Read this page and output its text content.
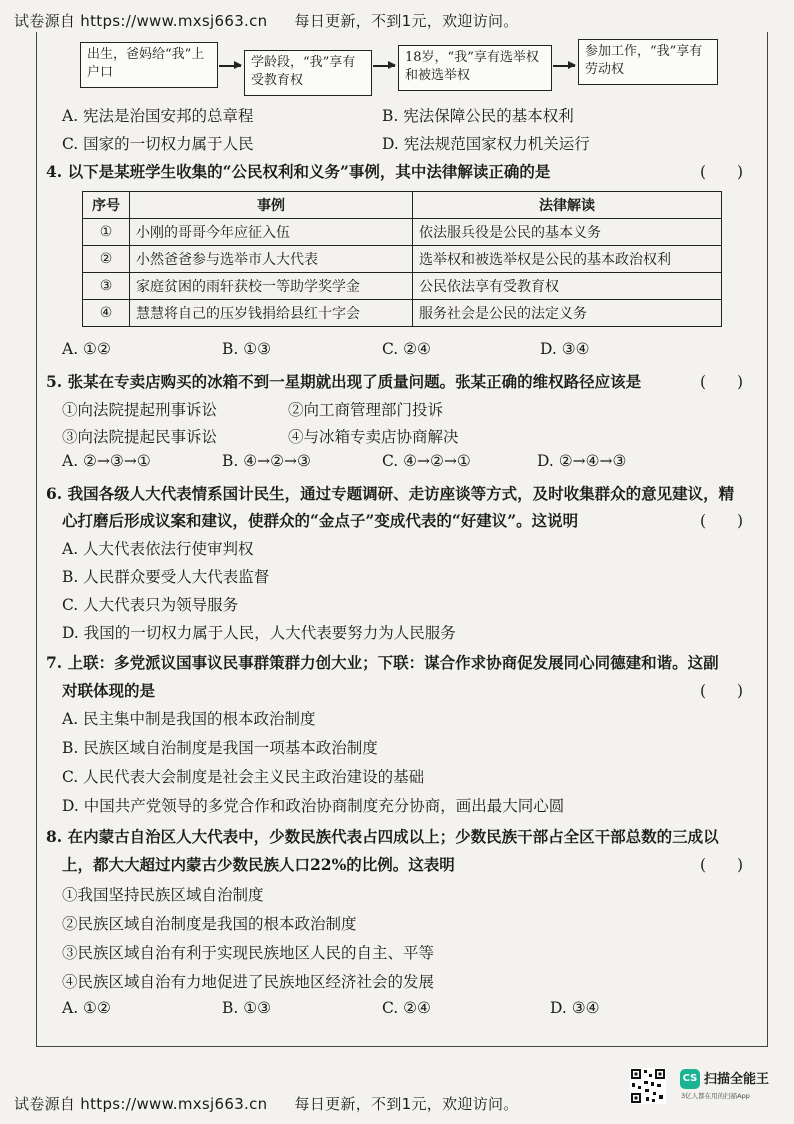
试卷源自 https://www.mxsj663.cn 每日更新，不到1元，欢迎访问。
出生，爸妈给“我”上户口
学龄段，“我”享有受教育权
18岁，“我”享有选举权和被选举权
参加工作，“我”享有劳动权
A. 宪法是治国安邦的总章程	B. 宪法保障公民的基本权利
C. 国家的一切权力属于人民	D. 宪法规范国家权力机关运行
4. 以下是某班学生收集的“公民权利和义务”事例，其中法律解读正确的是	(　　)
序号	事例	法律解读
①	小刚的哥哥今年应征入伍	依法服兵役是公民的基本义务
②	小然爸爸参与选举市人大代表	选举权和被选举权是公民的基本政治权利
③	家庭贫困的雨轩获校一等助学奖学金	公民依法享有受教育权
④	慧慧将自己的压岁钱捐给县红十字会	服务社会是公民的法定义务
A. ①②	B. ①③	C. ②④	D. ③④
5. 张某在专卖店购买的冰箱不到一星期就出现了质量问题。张某正确的维权路径应该是	(　　)
①向法院提起刑事诉讼	②向工商管理部门投诉
③向法院提起民事诉讼	④与冰箱专卖店协商解决
A. ②→③→①	B. ④→②→③	C. ④→②→①	D. ②→④→③
6. 我国各级人大代表情系国计民生，通过专题调研、走访座谈等方式，及时收集群众的意见建议，精
心打磨后形成议案和建议，使群众的“金点子”变成代表的“好建议”。这说明	(　　)
A. 人大代表依法行使审判权
B. 人民群众要受人大代表监督
C. 人大代表只为领导服务
D. 我国的一切权力属于人民，人大代表要努力为人民服务
7. 上联：多党派议国事议民事群策群力创大业；下联：谋合作求协商促发展同心同德建和谐。这副
对联体现的是	(　　)
A. 民主集中制是我国的根本政治制度
B. 民族区域自治制度是我国一项基本政治制度
C. 人民代表大会制度是社会主义民主政治建设的基础
D. 中国共产党领导的多党合作和政治协商制度充分协商，画出最大同心圆
8. 在内蒙古自治区人大代表中，少数民族代表占四成以上；少数民族干部占全区干部总数的三成以
上，都大大超过内蒙古少数民族人口22%的比例。这表明	(　　)
①我国坚持民族区域自治制度
②民族区域自治制度是我国的根本政治制度
③民族区域自治有利于实现民族地区人民的自主、平等
④民族区域自治有力地促进了民族地区经济社会的发展
A. ①②	B. ①③	C. ②④	D. ③④
试卷源自 https://www.mxsj663.cn 每日更新，不到1元，欢迎访问。
CS 扫描全能王
3亿人都在用的扫描App
